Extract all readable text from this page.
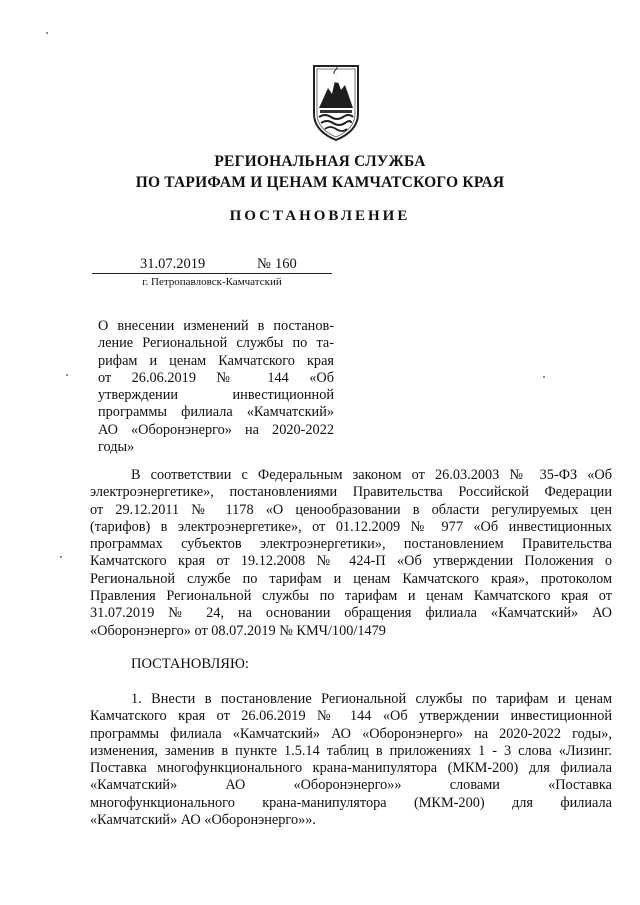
РЕГИОНАЛЬНАЯ СЛУЖБА
ПО ТАРИФАМ И ЦЕНАМ КАМЧАТСКОГО КРАЯ
ПОСТАНОВЛЕНИЕ
31.07.2019	№ 160
г. Петропавловск-Камчатский
О внесении изменений в постанов-
ление Региональной службы по та-
рифам и ценам Камчатского края
от 26.06.2019 № 144 «Об
утверждении инвестиционной
программы филиала «Камчатский»
АО «Оборонэнерго» на 2020-2022
годы»
В соответствии с Федеральным законом от 26.03.2003 № 35-ФЗ «Об
электроэнергетике», постановлениями Правительства Российской Федерации
от 29.12.2011 № 1178 «О ценообразовании в области регулируемых цен
(тарифов) в электроэнергетике», от 01.12.2009 № 977 «Об инвестиционных
программах субъектов электроэнергетики», постановлением Правительства
Камчатского края от 19.12.2008 № 424-П «Об утверждении Положения о
Региональной службе по тарифам и ценам Камчатского края», протоколом
Правления Региональной службы по тарифам и ценам Камчатского края от
31.07.2019 № 24, на основании обращения филиала «Камчатский» АО
«Оборонэнерго» от 08.07.2019 № КМЧ/100/1479
ПОСТАНОВЛЯЮ:
1. Внести в постановление Региональной службы по тарифам и ценам
Камчатского края от 26.06.2019 № 144 «Об утверждении инвестиционной
программы филиала «Камчатский» АО «Оборонэнерго» на 2020-2022 годы»,
изменения, заменив в пункте 1.5.14 таблиц в приложениях 1 - 3 слова «Лизинг.
Поставка многофункционального крана-манипулятора (МКМ-200) для филиала
«Камчатский» АО «Оборонэнерго»» словами «Поставка
многофункционального крана-манипулятора (МКМ-200) для филиала
«Камчатский» АО «Оборонэнерго»».
